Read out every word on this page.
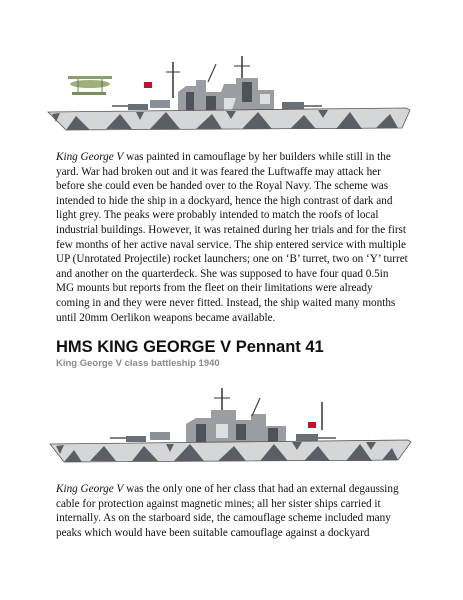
King George V was painted in camouflage by her builders while still in the yard. War had broken out and it was feared the Luftwaffe may attack her before she could even be handed over to the Royal Navy. The scheme was intended to hide the ship in a dockyard, hence the high contrast of dark and light grey. The peaks were probably intended to match the roofs of local industrial buildings. However, it was retained during her trials and for the first few months of her active naval service. The ship entered service with multiple UP (Unrotated Projectile) rocket launchers; one on ‘B’ turret, two on ‘Y’ turret and another on the quarterdeck. She was supposed to have four quad 0.5in MG mounts but reports from the fleet on their limitations were already coming in and they were never fitted. Instead, the ship waited many months until 20mm Oerlikon weapons became available.

HMS KING GEORGE V Pennant 41
King George V class battleship 1940

King George V was the only one of her class that had an external degaussing cable for protection against magnetic mines; all her sister ships carried it internally. As on the starboard side, the camouflage scheme included many peaks which would have been suitable camouflage against a dockyard
